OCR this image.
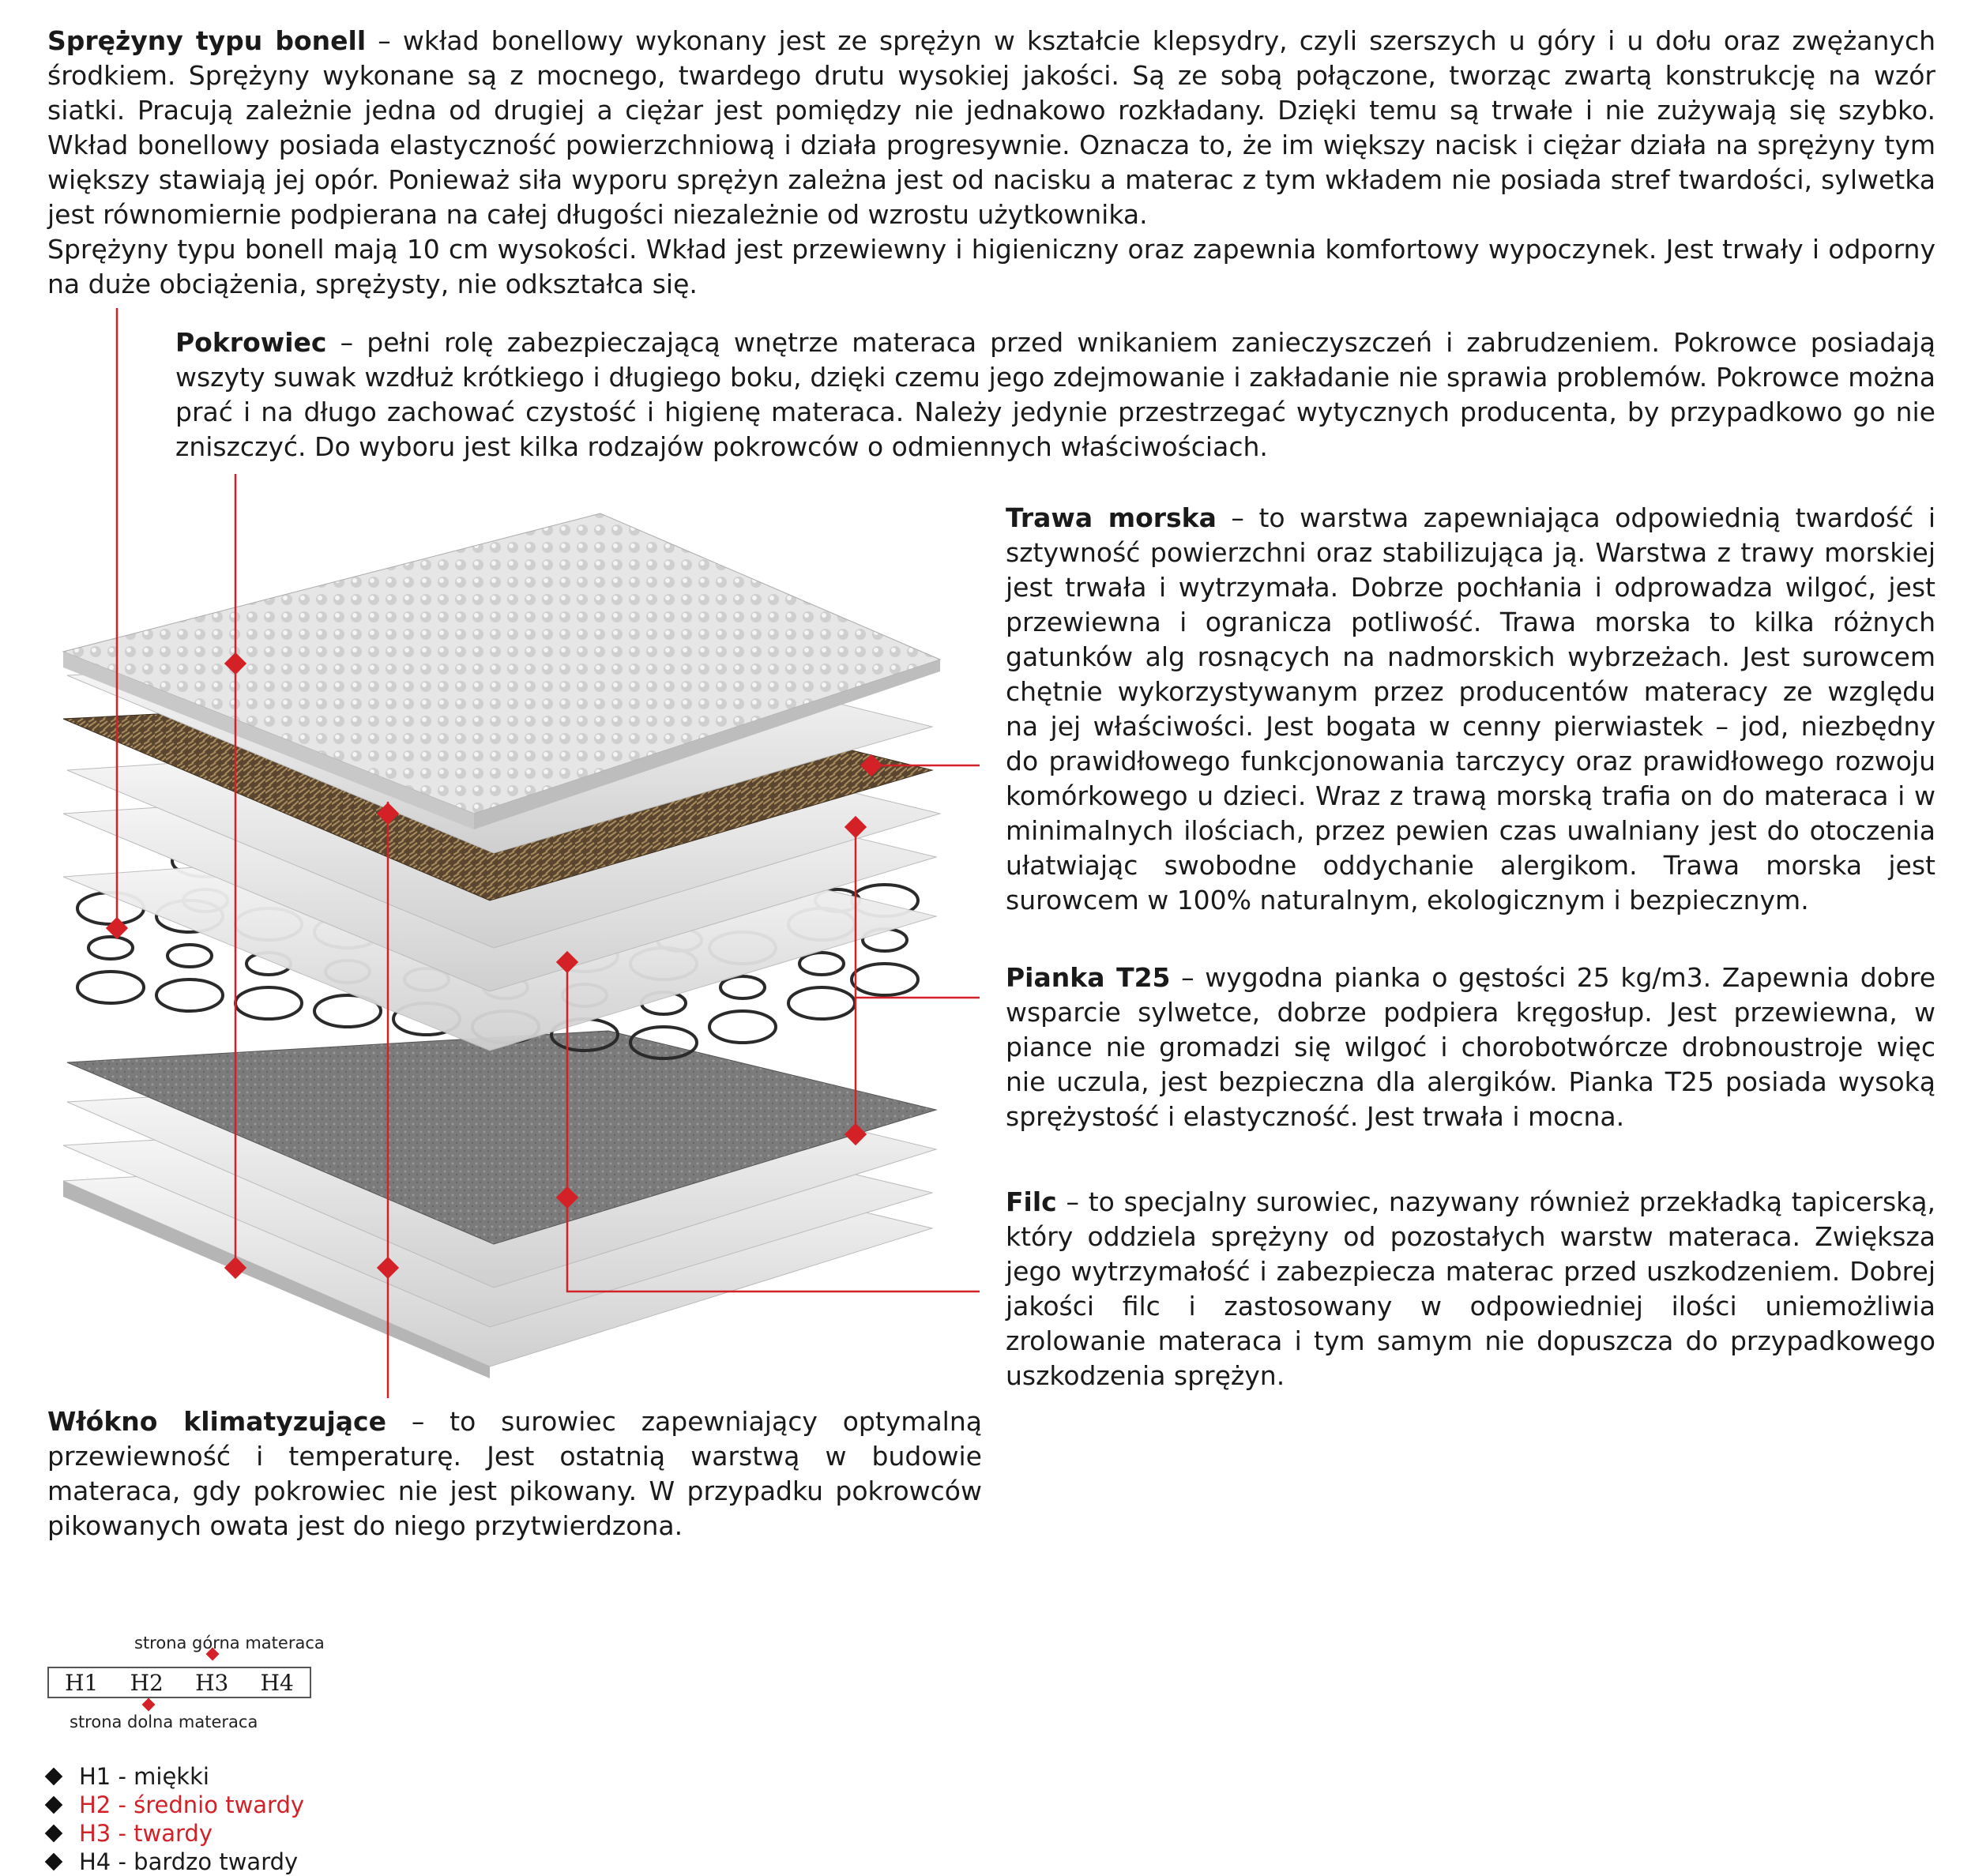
Sprężyny typu bonell – wkład bonellowy wykonany jest ze sprężyn w kształcie klepsydry, czyli szerszych u góry i u dołu oraz zwężanych środkiem. Sprężyny wykonane są z mocnego, twardego drutu wysokiej jakości. Są ze sobą połączone, tworząc zwartą konstrukcję na wzór siatki. Pracują zależnie jedna od drugiej a ciężar jest pomiędzy nie jednakowo rozkładany. Dzięki temu są trwałe i nie zużywają się szybko. Wkład bonellowy posiada elastyczność powierzchniową i działa progresywnie. Oznacza to, że im większy nacisk i ciężar działa na sprężyny tym większy stawiają jej opór. Ponieważ siła wyporu sprężyn zależna jest od nacisku a materac z tym wkładem nie posiada stref twardości, sylwetka jest równomiernie podpierana na całej długości niezależnie od wzrostu użytkownika.

Sprężyny typu bonell mają 10 cm wysokości. Wkład jest przewiewny i higieniczny oraz zapewnia komfortowy wypoczynek. Jest trwały i odporny na duże obciążenia, sprężysty, nie odkształca się.

Pokrowiec – pełni rolę zabezpieczającą wnętrze materaca przed wnikaniem zanieczyszczeń i zabrudzeniem. Pokrowce posiadają wszyty suwak wzdłuż krótkiego i długiego boku, dzięki czemu jego zdejmowanie i zakładanie nie sprawia problemów. Pokrowce można prać i na długo zachować czystość i higienę materaca. Należy jedynie przestrzegać wytycznych producenta, by przypadkowo go nie zniszczyć. Do wyboru jest kilka rodzajów pokrowców o odmiennych właściwościach.
Trawa morska – to warstwa zapewniająca odpowiednią twardość i sztywność powierzchni oraz stabilizująca ją. Warstwa z trawy morskiej jest trwała i wytrzymała. Dobrze pochłania i odprowadza wilgoć, jest przewiewna i ogranicza potliwość. Trawa morska to kilka różnych gatunków alg rosnących na nadmorskich wybrzeżach. Jest surowcem chętnie wykorzystywanym przez producentów materacy ze względu na jej właściwości. Jest bogata w cenny pierwiastek – jod, niezbędny do prawidłowego funkcjonowania tarczycy oraz prawidłowego rozwoju komórkowego u dzieci. Wraz z trawą morską trafia on do materaca i w minimalnych ilościach, przez pewien czas uwalniany jest do otoczenia ułatwiając swobodne oddychanie alergikom. Trawa morska jest surowcem w 100% naturalnym, ekologicznym i bezpiecznym.
Pianka T25 – wygodna pianka o gęstości 25 kg/m3. Zapewnia dobre wsparcie sylwetce, dobrze podpiera kręgosłup. Jest przewiewna, w piance nie gromadzi się wilgoć i chorobotwórcze drobnoustroje więc nie uczula, jest bezpieczna dla alergików. Pianka T25 posiada wysoką sprężystość i elastyczność. Jest trwała i mocna.
Filc – to specjalny surowiec, nazywany również przekładką tapicerską, który oddziela sprężyny od pozostałych warstw materaca. Zwiększa jego wytrzymałość i zabezpiecza materac przed uszkodzeniem. Dobrej jakości filc i zastosowany w odpowiedniej ilości uniemożliwia zrolowanie materaca i tym samym nie dopuszcza do przypadkowego uszkodzenia sprężyn.
Włókno klimatyzujące – to surowiec zapewniający optymalną przewiewność i temperaturę. Jest ostatnią warstwą w budowie materaca, gdy pokrowiec nie jest pikowany. W przypadku pokrowców pikowanych owata jest do niego przytwierdzona.
strona górna materaca
H1 H2 H3 H4
strona dolna materaca
H1 - miękki
H2 - średnio twardy
H3 - twardy
H4 - bardzo twardy
